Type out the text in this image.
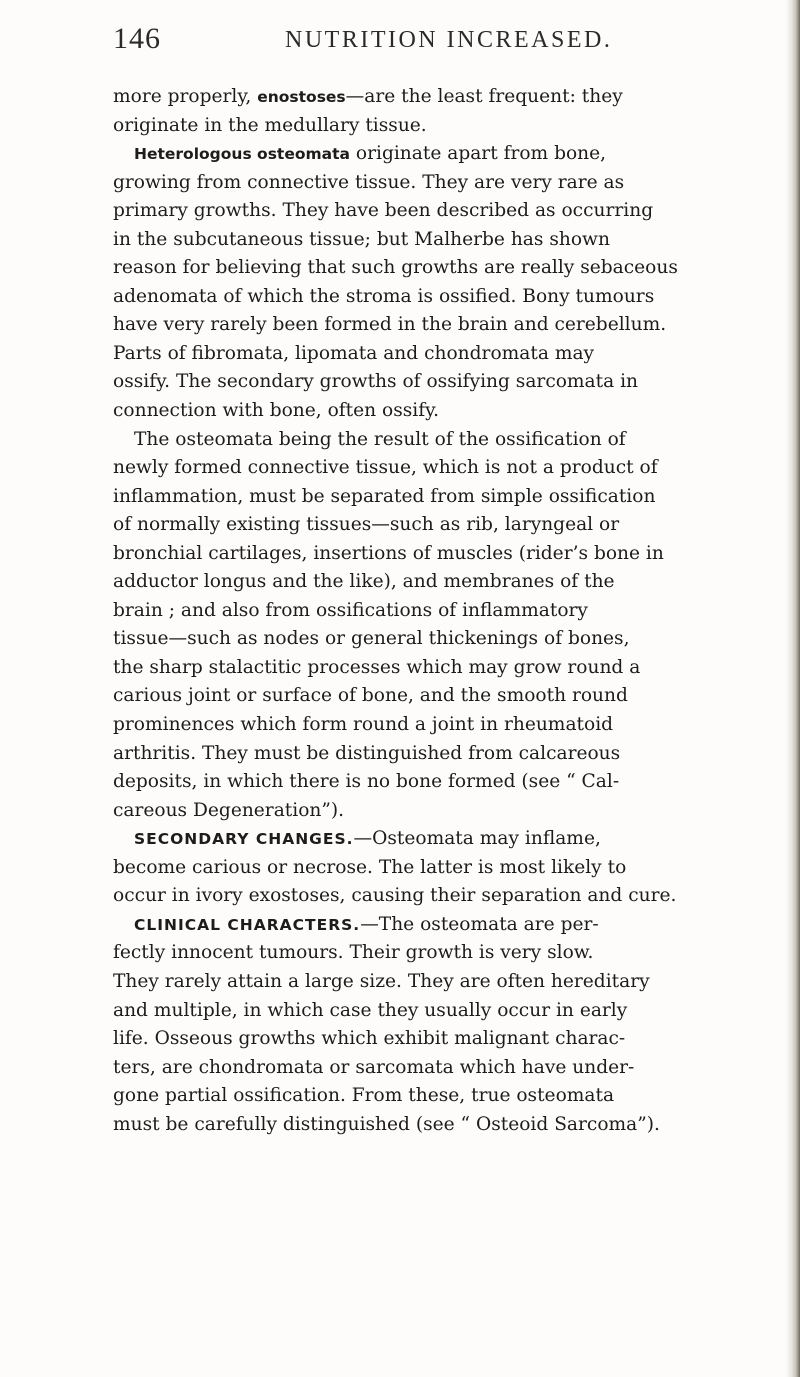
146	NUTRITION INCREASED.
more properly, enostoses—are the least frequent: they
originate in the medullary tissue.
Heterologous osteomata originate apart from bone,
growing from connective tissue. They are very rare as
primary growths. They have been described as occurring
in the subcutaneous tissue; but Malherbe has shown
reason for believing that such growths are really sebaceous
adenomata of which the stroma is ossified. Bony tumours
have very rarely been formed in the brain and cerebellum.
Parts of fibromata, lipomata and chondromata may
ossify. The secondary growths of ossifying sarcomata in
connection with bone, often ossify.
The osteomata being the result of the ossification of
newly formed connective tissue, which is not a product of
inflammation, must be separated from simple ossification
of normally existing tissues—such as rib, laryngeal or
bronchial cartilages, insertions of muscles (rider’s bone in
adductor longus and the like), and membranes of the
brain ; and also from ossifications of inflammatory
tissue—such as nodes or general thickenings of bones,
the sharp stalactitic processes which may grow round a
carious joint or surface of bone, and the smooth round
prominences which form round a joint in rheumatoid
arthritis. They must be distinguished from calcareous
deposits, in which there is no bone formed (see “ Cal-
careous Degeneration”).
SECONDARY CHANGES.—Osteomata may inflame,
become carious or necrose. The latter is most likely to
occur in ivory exostoses, causing their separation and cure.
CLINICAL CHARACTERS.—The osteomata are per-
fectly innocent tumours. Their growth is very slow.
They rarely attain a large size. They are often hereditary
and multiple, in which case they usually occur in early
life. Osseous growths which exhibit malignant charac-
ters, are chondromata or sarcomata which have under-
gone partial ossification. From these, true osteomata
must be carefully distinguished (see “ Osteoid Sarcoma”).
